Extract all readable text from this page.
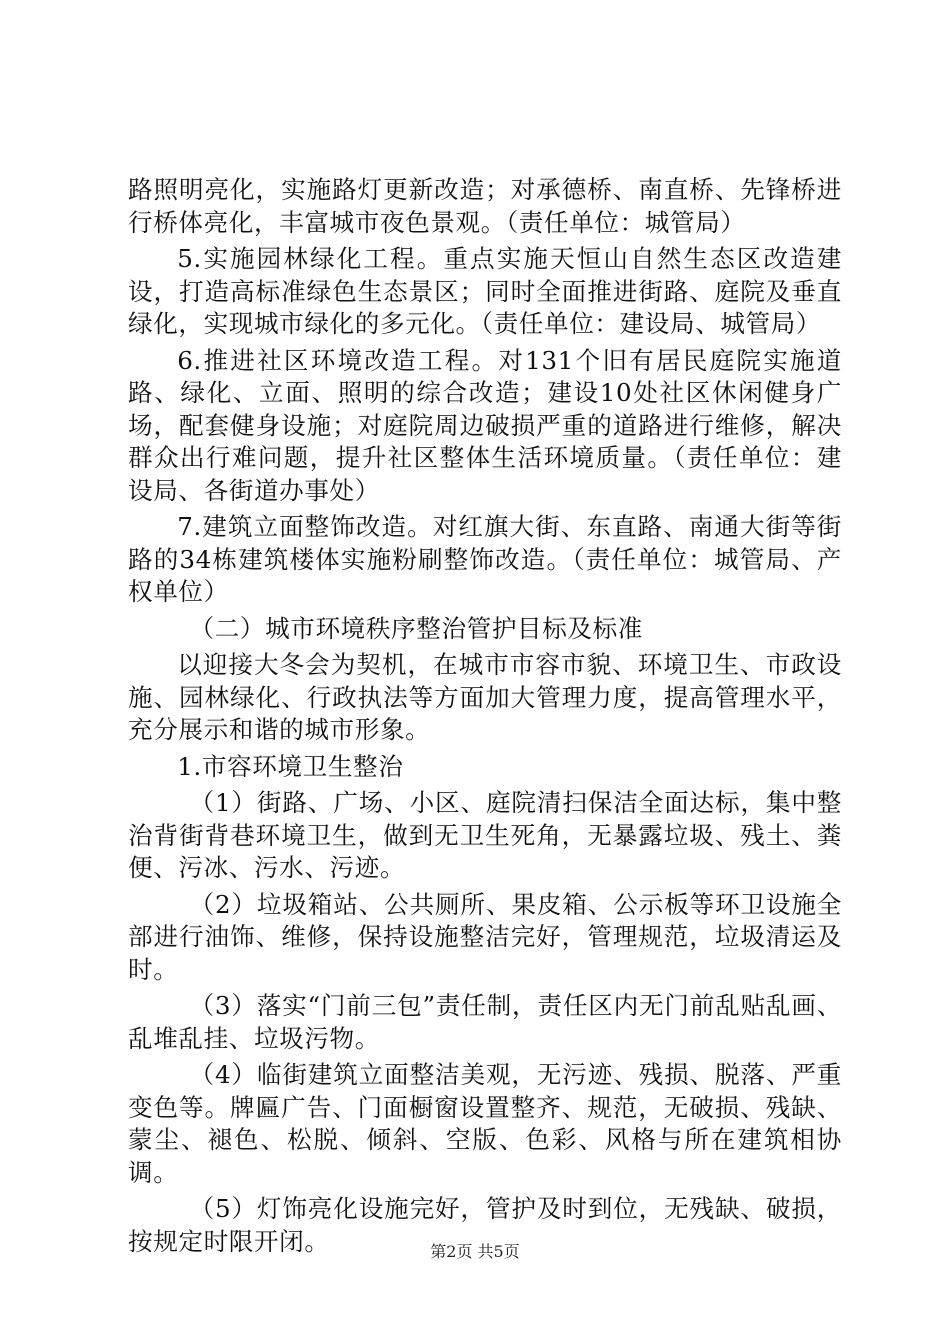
路照明亮化，实施路灯更新改造；对承德桥、南直桥、先锋桥进行桥体亮化，丰富城市夜色景观。（责任单位：城管局）

5.实施园林绿化工程。重点实施天恒山自然生态区改造建设，打造高标准绿色生态景区；同时全面推进街路、庭院及垂直绿化，实现城市绿化的多元化。（责任单位：建设局、城管局）

6.推进社区环境改造工程。对131个旧有居民庭院实施道路、绿化、立面、照明的综合改造；建设10处社区休闲健身广场，配套健身设施；对庭院周边破损严重的道路进行维修，解决群众出行难问题，提升社区整体生活环境质量。（责任单位：建设局、各街道办事处）

7.建筑立面整饰改造。对红旗大街、东直路、南通大街等街路的34栋建筑楼体实施粉刷整饰改造。（责任单位：城管局、产权单位）

（二）城市环境秩序整治管护目标及标准

以迎接大冬会为契机，在城市市容市貌、环境卫生、市政设施、园林绿化、行政执法等方面加大管理力度，提高管理水平，充分展示和谐的城市形象。

1.市容环境卫生整治

（1）街路、广场、小区、庭院清扫保洁全面达标，集中整治背街背巷环境卫生，做到无卫生死角，无暴露垃圾、残土、粪便、污冰、污水、污迹。

（2）垃圾箱站、公共厕所、果皮箱、公示板等环卫设施全部进行油饰、维修，保持设施整洁完好，管理规范，垃圾清运及时。

（3）落实“门前三包”责任制，责任区内无门前乱贴乱画、乱堆乱挂、垃圾污物。

（4）临街建筑立面整洁美观，无污迹、残损、脱落、严重变色等。牌匾广告、门面橱窗设置整齐、规范，无破损、残缺、蒙尘、褪色、松脱、倾斜、空版、色彩、风格与所在建筑相协调。

（5）灯饰亮化设施完好，管护及时到位，无残缺、破损，按规定时限开闭。	第2页 共5页
